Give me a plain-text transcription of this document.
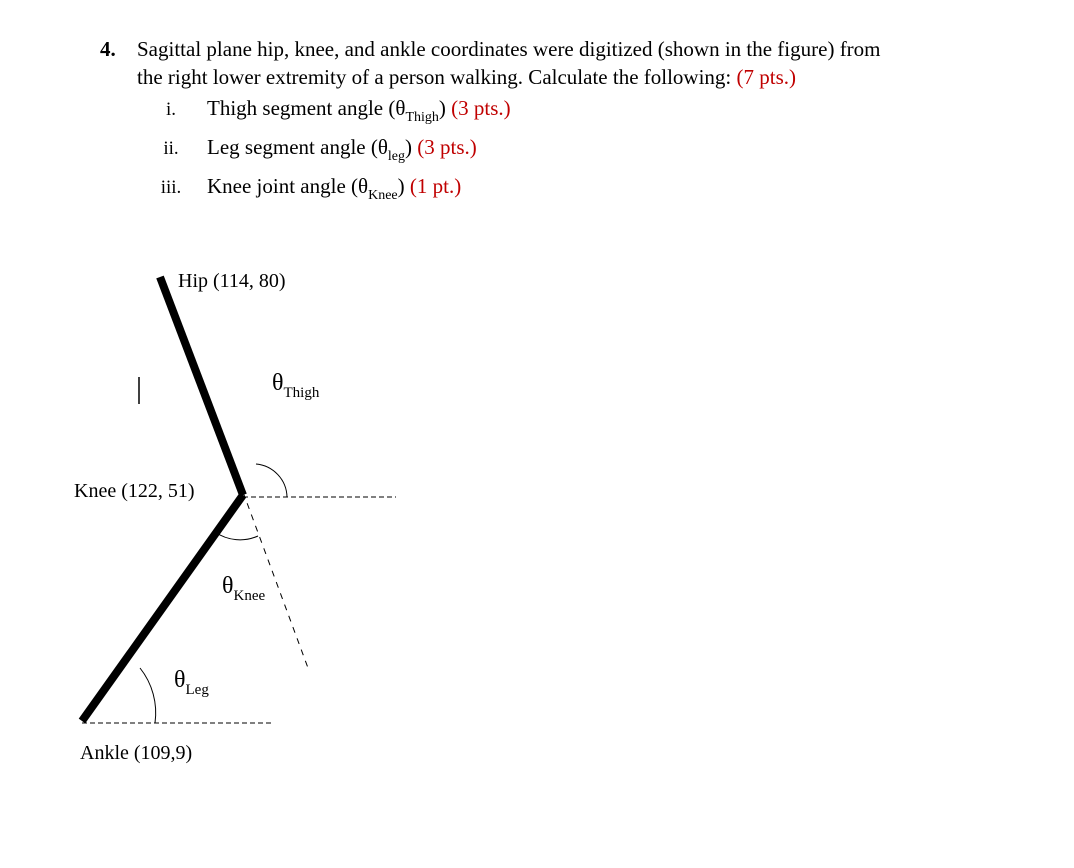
4. Sagittal plane hip, knee, and ankle coordinates were digitized (shown in the figure) from
the right lower extremity of a person walking. Calculate the following: (7 pts.)
i. Thigh segment angle $(\theta_{Thigh})$ (3 pts.)
ii. Leg segment angle $(\theta_{leg})$ (3 pts.)
iii. Knee joint angle $(\theta_{Knee})$ (1 pt.)
Hip (114, 80)
Knee (122, 51)
Ankle (109,9)
$\theta_{Thigh}$
$\theta_{Knee}$
$\theta_{Leg}$
